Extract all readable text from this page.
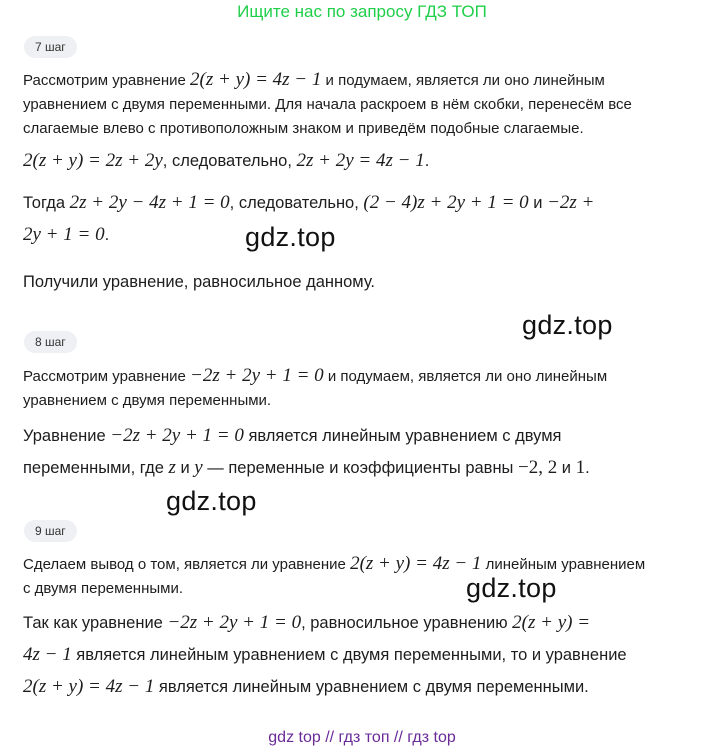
Ищите нас по запросу ГДЗ ТОП
7 шаг
Рассмотрим уравнение 2(z + y) = 4z − 1 и подумаем, является ли оно линейным
уравнением с двумя переменными. Для начала раскроем в нём скобки, перенесём все
слагаемые влево с противоположным знаком и приведём подобные слагаемые.
2(z + y) = 2z + 2y, следовательно, 2z + 2y = 4z − 1.
Тогда 2z + 2y − 4z + 1 = 0, следовательно, (2 − 4)z + 2y + 1 = 0 и −2z +
2y + 1 = 0.
Получили уравнение, равносильное данному.
8 шаг
Рассмотрим уравнение −2z + 2y + 1 = 0 и подумаем, является ли оно линейным
уравнением с двумя переменными.
Уравнение −2z + 2y + 1 = 0 является линейным уравнением с двумя
переменными, где z и y — переменные и коэффициенты равны −2, 2 и 1.
9 шаг
Сделаем вывод о том, является ли уравнение 2(z + y) = 4z − 1 линейным уравнением
с двумя переменными.
Так как уравнение −2z + 2y + 1 = 0, равносильное уравнению 2(z + y) =
4z − 1 является линейным уравнением с двумя переменными, то и уравнение
2(z + y) = 4z − 1 является линейным уравнением с двумя переменными.
gdz.top
gdz.top
gdz.top
gdz.top
gdz top // гдз топ // гдз top
